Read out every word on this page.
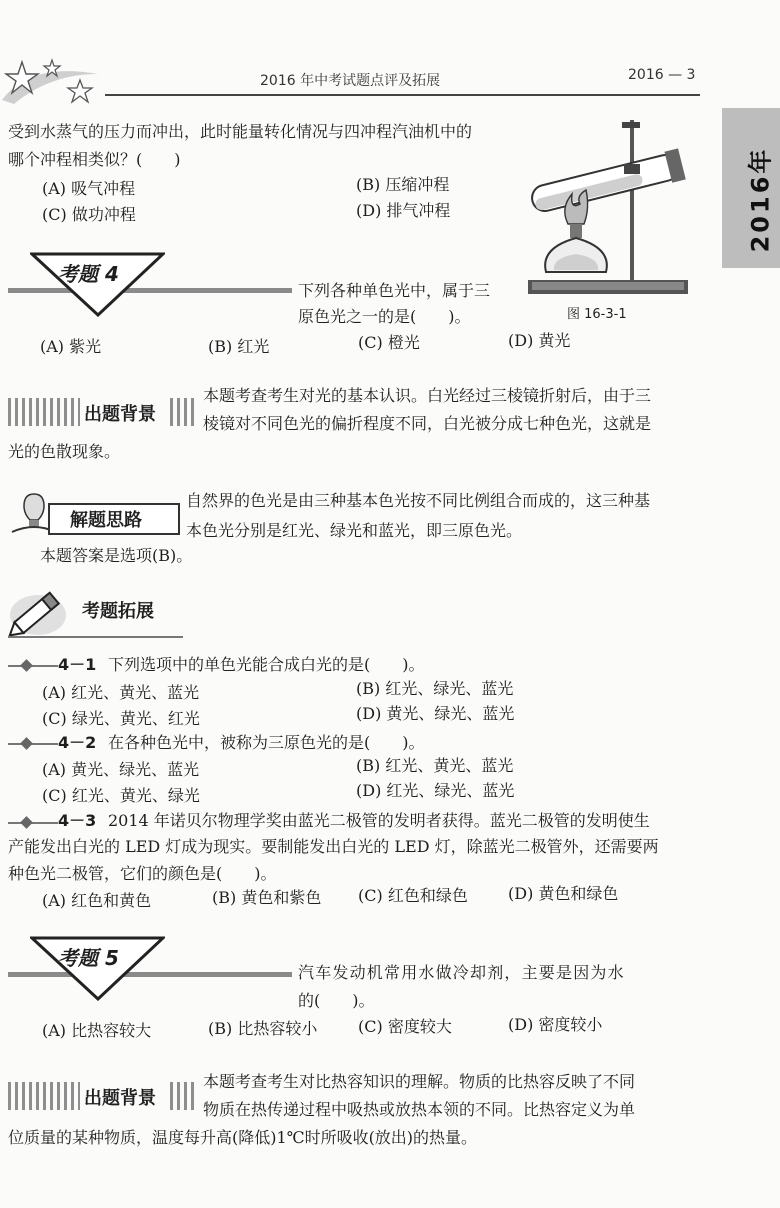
2016 年中考试题点评及拓展	2016 — 3
2016年
受到水蒸气的压力而冲出，此时能量转化情况与四冲程汽油机中的
哪个冲程相类似？(　　)
(A) 吸气冲程	(B) 压缩冲程
(C) 做功冲程	(D) 排气冲程
图 16-3-1
考题 4
下列各种单色光中，属于三
原色光之一的是(　　)。
(A) 紫光	(B) 红光	(C) 橙光	(D) 黄光
出题背景
本题考查考生对光的基本认识。白光经过三棱镜折射后，由于三
棱镜对不同色光的偏折程度不同，白光被分成七种色光，这就是
光的色散现象。
解题思路
自然界的色光是由三种基本色光按不同比例组合而成的，这三种基
本色光分别是红光、绿光和蓝光，即三原色光。
本题答案是选项(B)。
考题拓展
4－1 下列选项中的单色光能合成白光的是(　　)。
(A) 红光、黄光、蓝光	(B) 红光、绿光、蓝光
(C) 绿光、黄光、红光	(D) 黄光、绿光、蓝光
4－2 在各种色光中，被称为三原色光的是(　　)。
(A) 黄光、绿光、蓝光	(B) 红光、黄光、蓝光
(C) 红光、黄光、绿光	(D) 红光、绿光、蓝光
4－3 2014 年诺贝尔物理学奖由蓝光二极管的发明者获得。蓝光二极管的发明使生
产能发出白光的 LED 灯成为现实。要制能发出白光的 LED 灯，除蓝光二极管外，还需要两
种色光二极管，它们的颜色是(　　)。
(A) 红色和黄色	(B) 黄色和紫色 (C) 红色和绿色	(D) 黄色和绿色
考题 5
汽车发动机常用水做冷却剂，主要是因为水
的(　　)。
(A) 比热容较大	(B) 比热容较小	(C) 密度较大	(D) 密度较小
出题背景
本题考查考生对比热容知识的理解。物质的比热容反映了不同
物质在热传递过程中吸热或放热本领的不同。比热容定义为单
位质量的某种物质，温度每升高(降低)1℃时所吸收(放出)的热量。
